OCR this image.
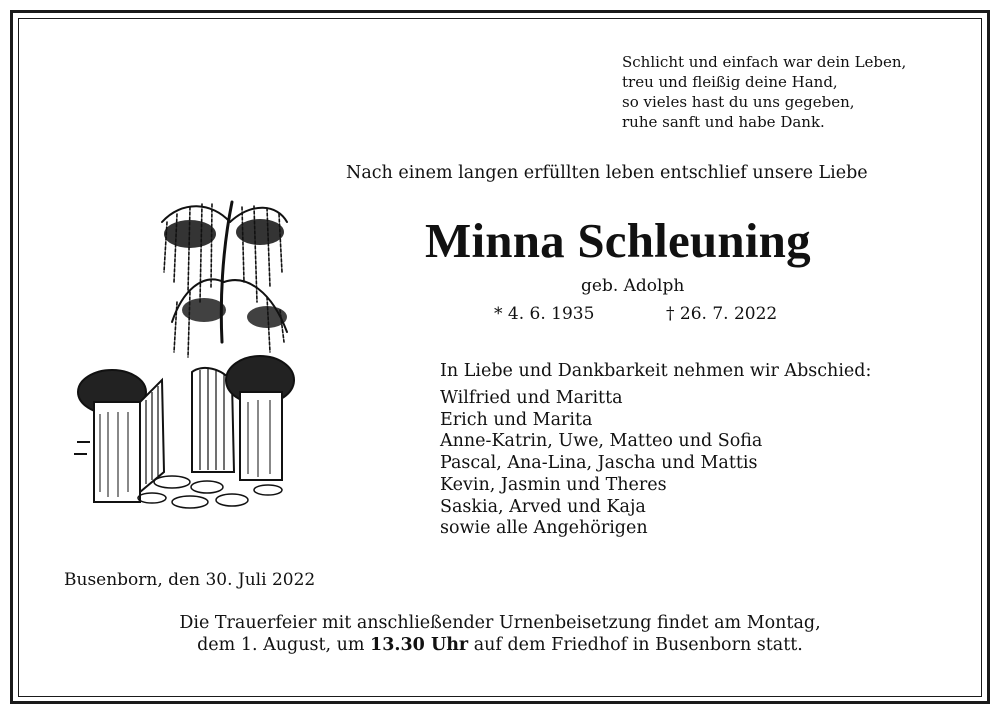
Schlicht und einfach war dein Leben,
treu und fleißig deine Hand,
so vieles hast du uns gegeben,
ruhe sanft und habe Dank.
Nach einem langen erfüllten leben entschlief unsere Liebe
Minna Schleuning
geb. Adolph
* 4. 6. 1935	† 26. 7. 2022
In Liebe und Dankbarkeit nehmen wir Abschied:
Wilfried und Maritta
Erich und Marita
Anne-Katrin, Uwe, Matteo und Sofia
Pascal, Ana-Lina, Jascha und Mattis
Kevin, Jasmin und Theres
Saskia, Arved und Kaja
sowie alle Angehörigen
Busenborn, den 30. Juli 2022
Die Trauerfeier mit anschließender Urnenbeisetzung findet am Montag,
dem 1. August, um 13.30 Uhr auf dem Friedhof in Busenborn statt.
